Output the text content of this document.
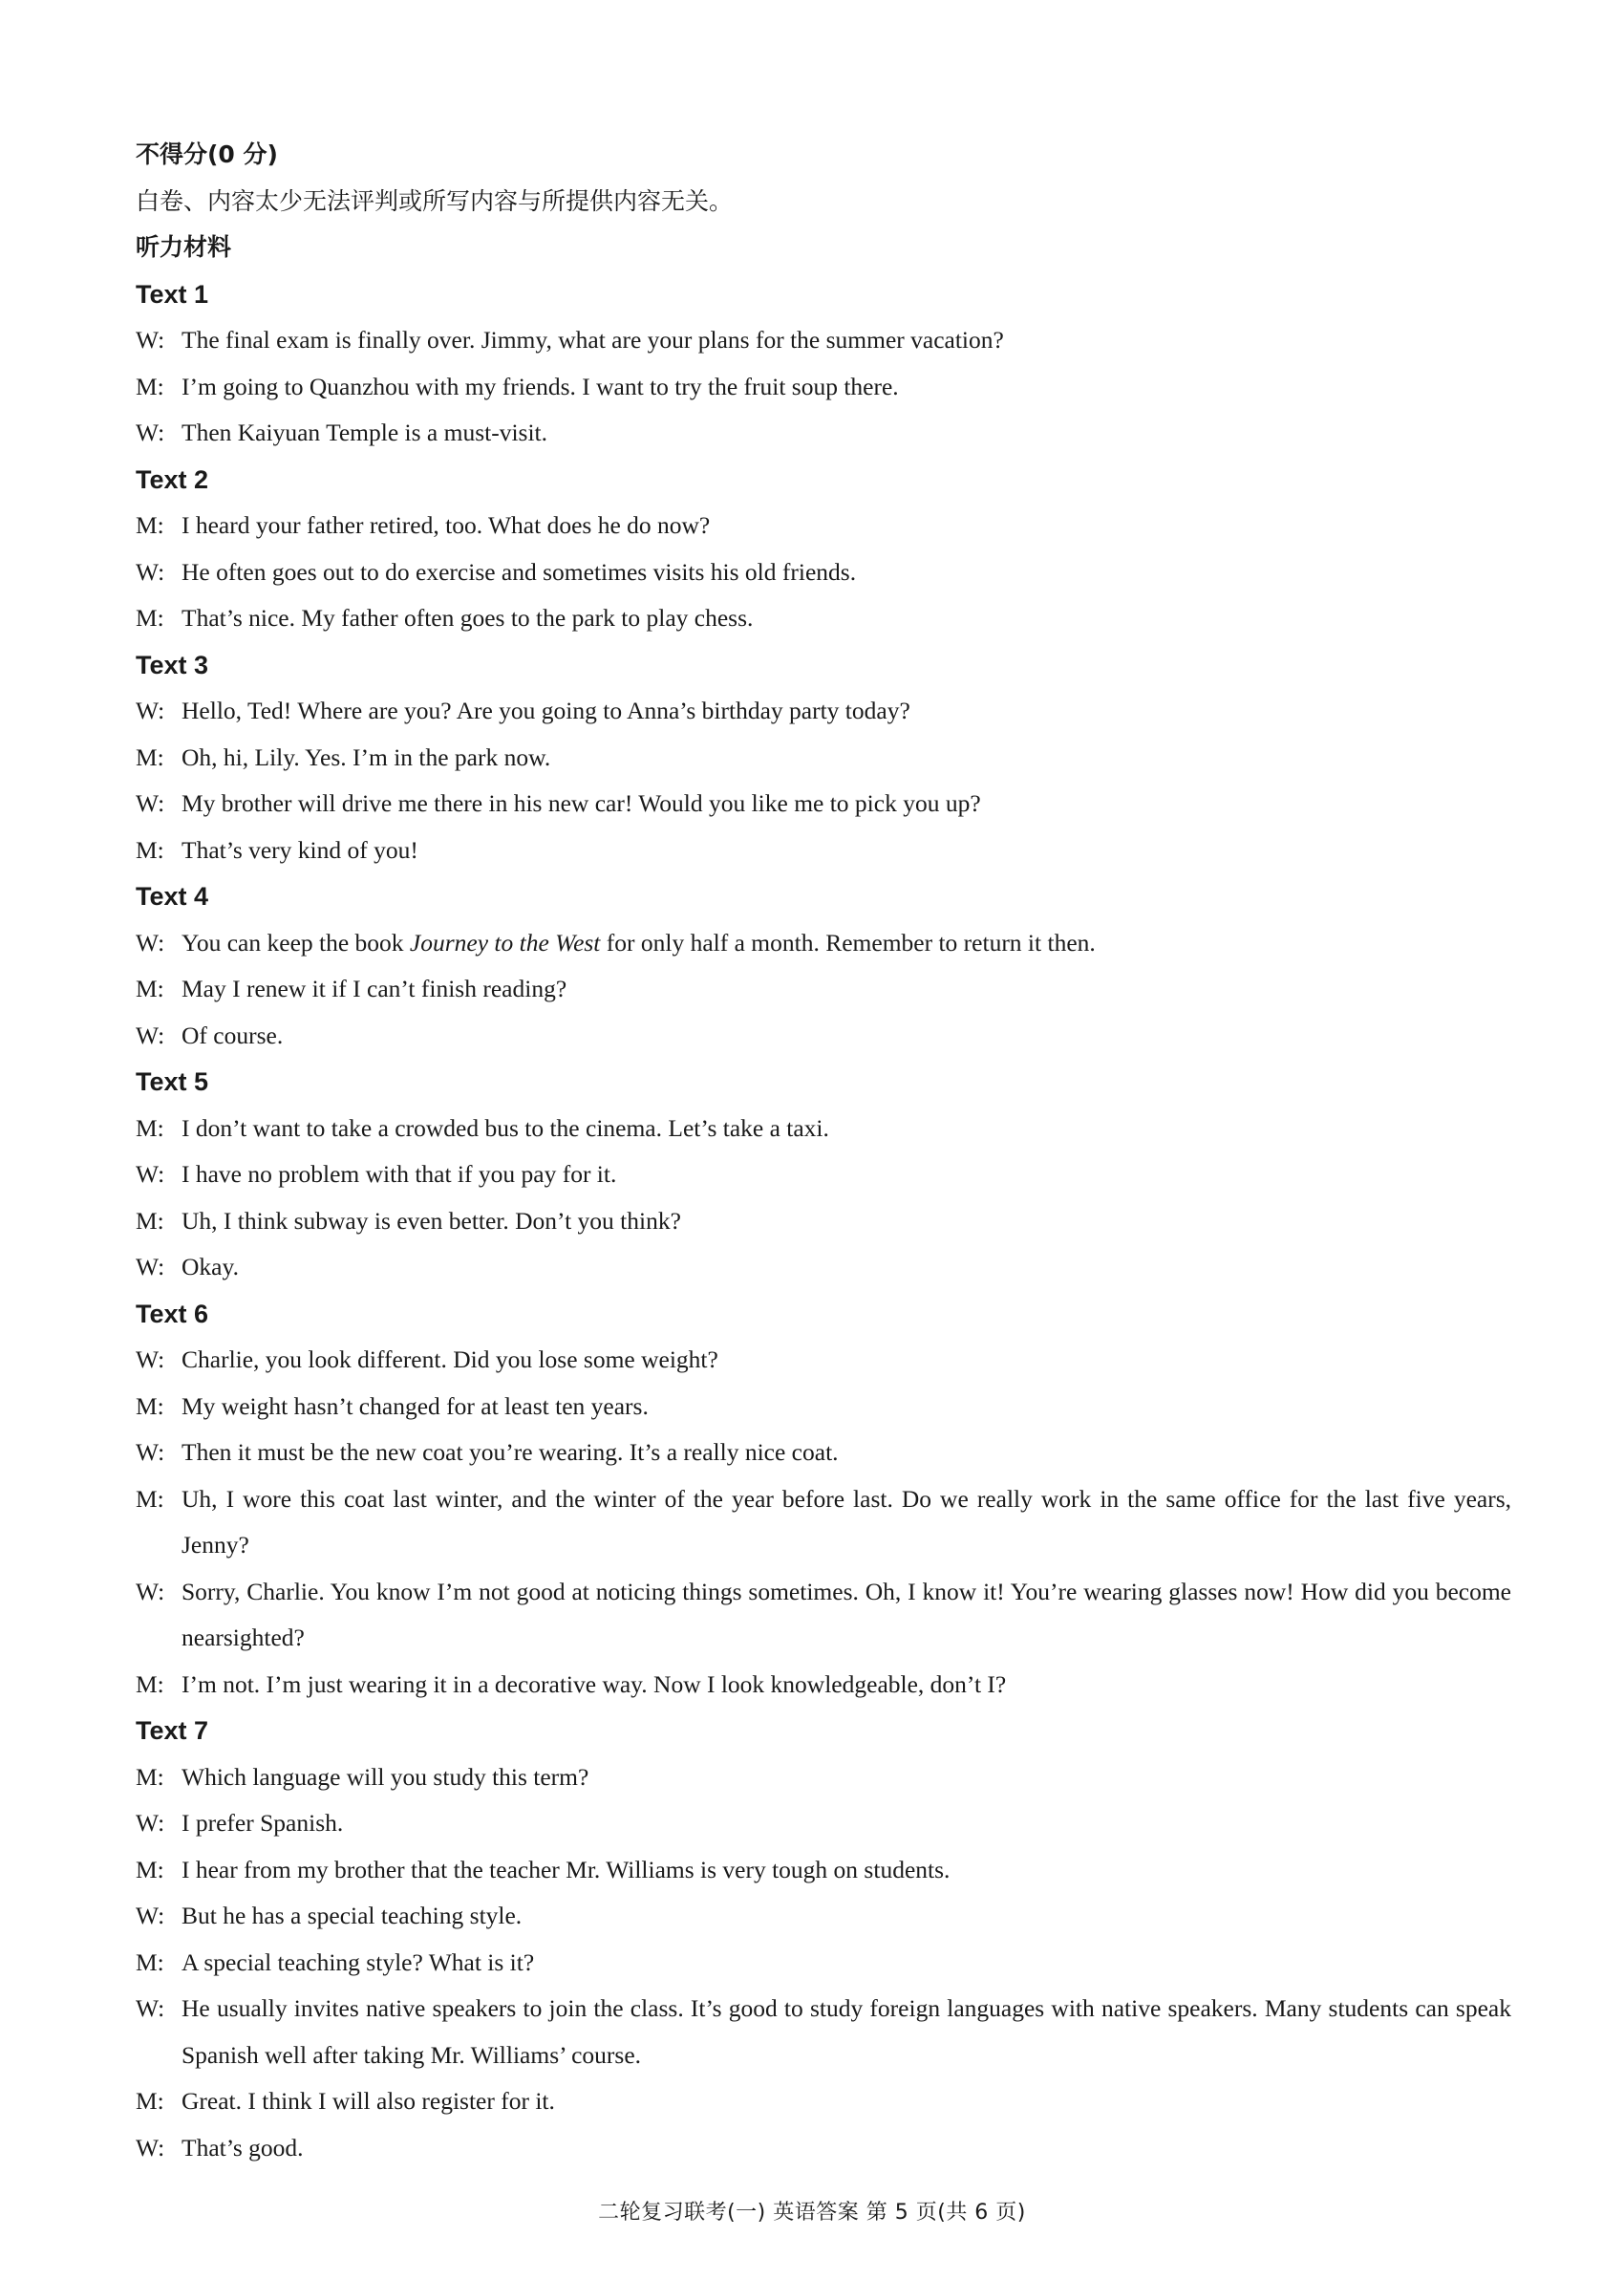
不得分(0 分)
白卷、内容太少无法评判或所写内容与所提供内容无关。
听力材料
Text 1
W: The final exam is finally over. Jimmy, what are your plans for the summer vacation?
M: I’m going to Quanzhou with my friends. I want to try the fruit soup there.
W: Then Kaiyuan Temple is a must-visit.
Text 2
M: I heard your father retired, too. What does he do now?
W: He often goes out to do exercise and sometimes visits his old friends.
M: That’s nice. My father often goes to the park to play chess.
Text 3
W: Hello, Ted! Where are you? Are you going to Anna’s birthday party today?
M: Oh, hi, Lily. Yes. I’m in the park now.
W: My brother will drive me there in his new car! Would you like me to pick you up?
M: That’s very kind of you!
Text 4
W: You can keep the book Journey to the West for only half a month. Remember to return it then.
M: May I renew it if I can’t finish reading?
W: Of course.
Text 5
M: I don’t want to take a crowded bus to the cinema. Let’s take a taxi.
W: I have no problem with that if you pay for it.
M: Uh, I think subway is even better. Don’t you think?
W: Okay.
Text 6
W: Charlie, you look different. Did you lose some weight?
M: My weight hasn’t changed for at least ten years.
W: Then it must be the new coat you’re wearing. It’s a really nice coat.
M: Uh, I wore this coat last winter, and the winter of the year before last. Do we really work in the same office for the last five years, Jenny?
W: Sorry, Charlie. You know I’m not good at noticing things sometimes. Oh, I know it! You’re wearing glasses now! How did you become nearsighted?
M: I’m not. I’m just wearing it in a decorative way. Now I look knowledgeable, don’t I?
Text 7
M: Which language will you study this term?
W: I prefer Spanish.
M: I hear from my brother that the teacher Mr. Williams is very tough on students.
W: But he has a special teaching style.
M: A special teaching style? What is it?
W: He usually invites native speakers to join the class. It’s good to study foreign languages with native speakers. Many students can speak Spanish well after taking Mr. Williams’ course.
M: Great. I think I will also register for it.
W: That’s good.
二轮复习联考(一) 英语答案 第 5 页(共 6 页)
